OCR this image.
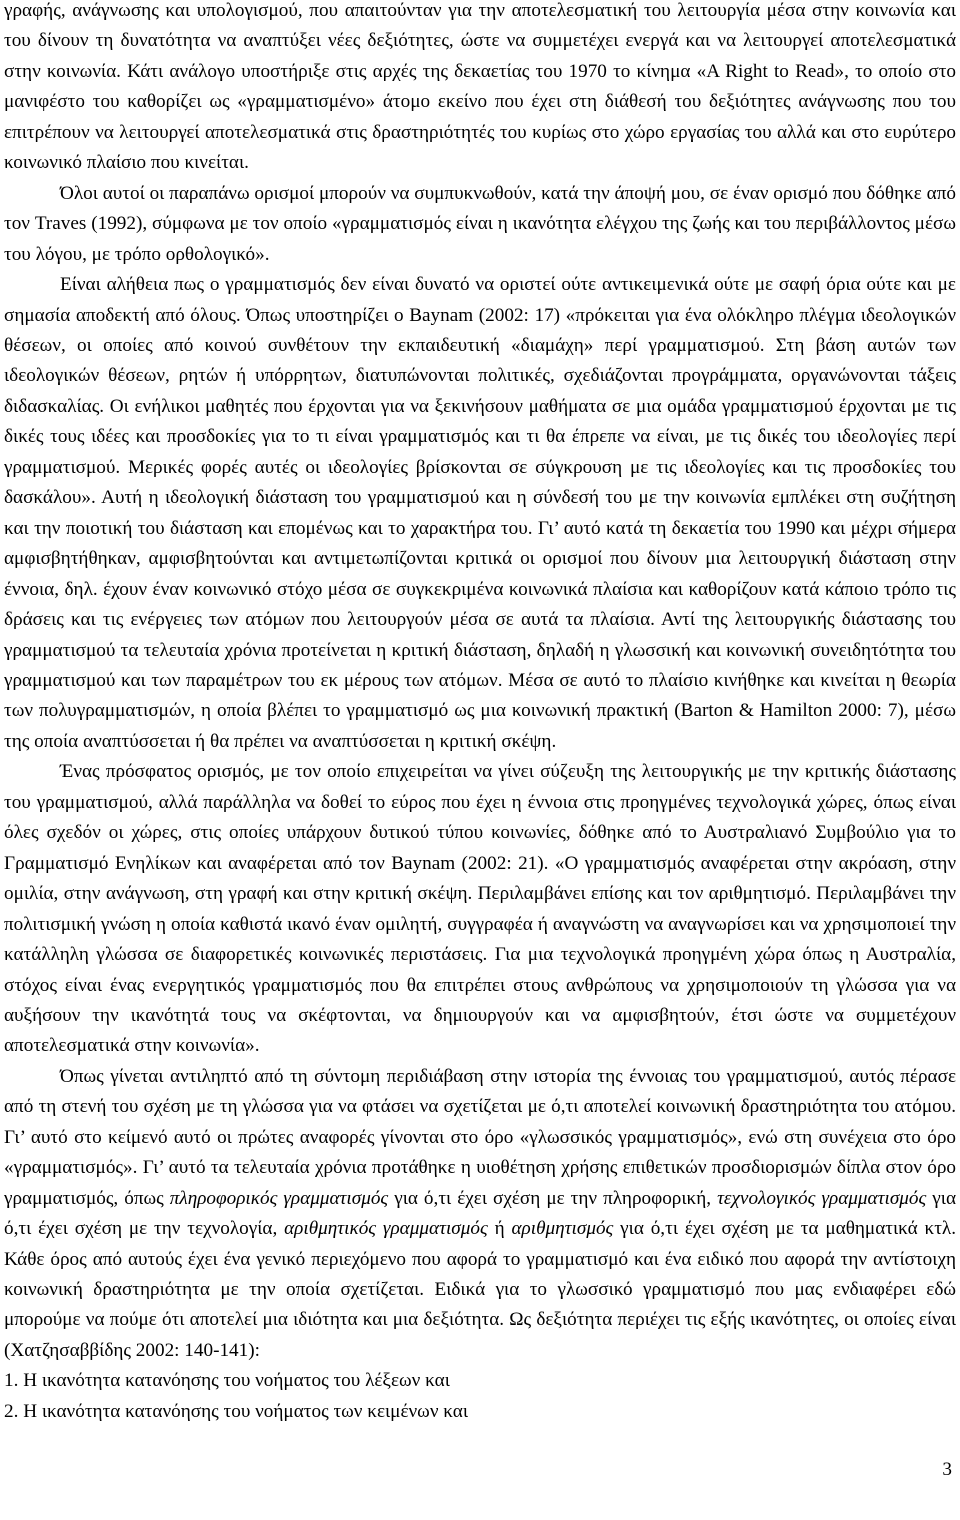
γραφής, ανάγνωσης και υπολογισμού, που απαιτούνταν για την αποτελεσματική του λειτουργία μέσα στην κοινωνία και του δίνουν τη δυνατότητα να αναπτύξει νέες δεξιότητες, ώστε να συμμετέχει ενεργά και να λειτουργεί αποτελεσματικά στην κοινωνία. Κάτι ανάλογο υποστήριξε στις αρχές της δεκαετίας του 1970 το κίνημα «A Right to Read», το οποίο στο μανιφέστο του καθορίζει ως «γραμματισμένο» άτομο εκείνο που έχει στη διάθεσή του δεξιότητες ανάγνωσης που του επιτρέπουν να λειτουργεί αποτελεσματικά στις δραστηριότητές του κυρίως στο χώρο εργασίας του αλλά και στο ευρύτερο κοινωνικό πλαίσιο που κινείται.

Όλοι αυτοί οι παραπάνω ορισμοί μπορούν να συμπυκνωθούν, κατά την άποψή μου, σε έναν ορισμό που δόθηκε από τον Traves (1992), σύμφωνα με τον οποίο «γραμματισμός είναι η ικανότητα ελέγχου της ζωής και του περιβάλλοντος μέσω του λόγου, με τρόπο ορθολογικό».

Είναι αλήθεια πως ο γραμματισμός δεν είναι δυνατό να οριστεί ούτε αντικειμενικά ούτε με σαφή όρια ούτε και με σημασία αποδεκτή από όλους. Όπως υποστηρίζει ο Baynam (2002: 17) «πρόκειται για ένα ολόκληρο πλέγμα ιδεολογικών θέσεων, οι οποίες από κοινού συνθέτουν την εκπαιδευτική «διαμάχη» περί γραμματισμού. Στη βάση αυτών των ιδεολογικών θέσεων, ρητών ή υπόρρητων, διατυπώνονται πολιτικές, σχεδιάζονται προγράμματα, οργανώνονται τάξεις διδασκαλίας. Οι ενήλικοι μαθητές που έρχονται για να ξεκινήσουν μαθήματα σε μια ομάδα γραμματισμού έρχονται με τις δικές τους ιδέες και προσδοκίες για το τι είναι γραμματισμός και τι θα έπρεπε να είναι, με τις δικές του ιδεολογίες περί γραμματισμού. Μερικές φορές αυτές οι ιδεολογίες βρίσκονται σε σύγκρουση με τις ιδεολογίες και τις προσδοκίες του δασκάλου». Αυτή η ιδεολογική διάσταση του γραμματισμού και η σύνδεσή του με την κοινωνία εμπλέκει στη συζήτηση και την ποιοτική του διάσταση και επομένως και το χαρακτήρα του. Γι’ αυτό κατά τη δεκαετία του 1990 και μέχρι σήμερα αμφισβητήθηκαν, αμφισβητούνται και αντιμετωπίζονται κριτικά οι ορισμοί που δίνουν μια λειτουργική διάσταση στην έννοια, δηλ. έχουν έναν κοινωνικό στόχο μέσα σε συγκεκριμένα κοινωνικά πλαίσια και καθορίζουν κατά κάποιο τρόπο τις δράσεις και τις ενέργειες των ατόμων που λειτουργούν μέσα σε αυτά τα πλαίσια. Αντί της λειτουργικής διάστασης του γραμματισμού τα τελευταία χρόνια προτείνεται η κριτική διάσταση, δηλαδή η γλωσσική και κοινωνική συνειδητότητα του γραμματισμού και των παραμέτρων του εκ μέρους των ατόμων. Μέσα σε αυτό το πλαίσιο κινήθηκε και κινείται η θεωρία των πολυγραμματισμών, η οποία βλέπει το γραμματισμό ως μια κοινωνική πρακτική (Barton & Hamilton 2000: 7), μέσω της οποία αναπτύσσεται ή θα πρέπει να αναπτύσσεται η κριτική σκέψη.

Ένας πρόσφατος ορισμός, με τον οποίο επιχειρείται να γίνει σύζευξη της λειτουργικής με την κριτικής διάστασης του γραμματισμού, αλλά παράλληλα να δοθεί το εύρος που έχει η έννοια στις προηγμένες τεχνολογικά χώρες, όπως είναι όλες σχεδόν οι χώρες, στις οποίες υπάρχουν δυτικού τύπου κοινωνίες, δόθηκε από το Αυστραλιανό Συμβούλιο για το Γραμματισμό Ενηλίκων και αναφέρεται από τον Baynam (2002: 21). «Ο γραμματισμός αναφέρεται στην ακρόαση, στην ομιλία, στην ανάγνωση, στη γραφή και στην κριτική σκέψη. Περιλαμβάνει επίσης και τον αριθμητισμό. Περιλαμβάνει την πολιτισμική γνώση η οποία καθιστά ικανό έναν ομιλητή, συγγραφέα ή αναγνώστη να αναγνωρίσει και να χρησιμοποιεί την κατάλληλη γλώσσα σε διαφορετικές κοινωνικές περιστάσεις. Για μια τεχνολογικά προηγμένη χώρα όπως η Αυστραλία, στόχος είναι ένας ενεργητικός γραμματισμός που θα επιτρέπει στους ανθρώπους να χρησιμοποιούν τη γλώσσα για να αυξήσουν την ικανότητά τους να σκέφτονται, να δημιουργούν και να αμφισβητούν, έτσι ώστε να συμμετέχουν αποτελεσματικά στην κοινωνία».

Όπως γίνεται αντιληπτό από τη σύντομη περιδιάβαση στην ιστορία της έννοιας του γραμματισμού, αυτός πέρασε από τη στενή του σχέση με τη γλώσσα για να φτάσει να σχετίζεται με ό,τι αποτελεί κοινωνική δραστηριότητα του ατόμου. Γι’ αυτό στο κείμενό αυτό οι πρώτες αναφορές γίνονται στο όρο «γλωσσικός γραμματισμός», ενώ στη συνέχεια στο όρο «γραμματισμός». Γι’ αυτό τα τελευταία χρόνια προτάθηκε η υιοθέτηση χρήσης επιθετικών προσδιορισμών δίπλα στον όρο γραμματισμός, όπως πληροφορικός γραμματισμός για ό,τι έχει σχέση με την πληροφορική, τεχνολογικός γραμματισμός για ό,τι έχει σχέση με την τεχνολογία, αριθμητικός γραμματισμός ή αριθμητισμός για ό,τι έχει σχέση με τα μαθηματικά κτλ. Κάθε όρος από αυτούς έχει ένα γενικό περιεχόμενο που αφορά το γραμματισμό και ένα ειδικό που αφορά την αντίστοιχη κοινωνική δραστηριότητα με την οποία σχετίζεται. Ειδικά για το γλωσσικό γραμματισμό που μας ενδιαφέρει εδώ μπορούμε να πούμε ότι αποτελεί μια ιδιότητα και μια δεξιότητα. Ως δεξιότητα περιέχει τις εξής ικανότητες, οι οποίες είναι (Χατζησαββίδης 2002: 140-141):

1. Η ικανότητα κατανόησης του νοήματος του λέξεων και
2. Η ικανότητα κατανόησης του νοήματος των κειμένων και
3
